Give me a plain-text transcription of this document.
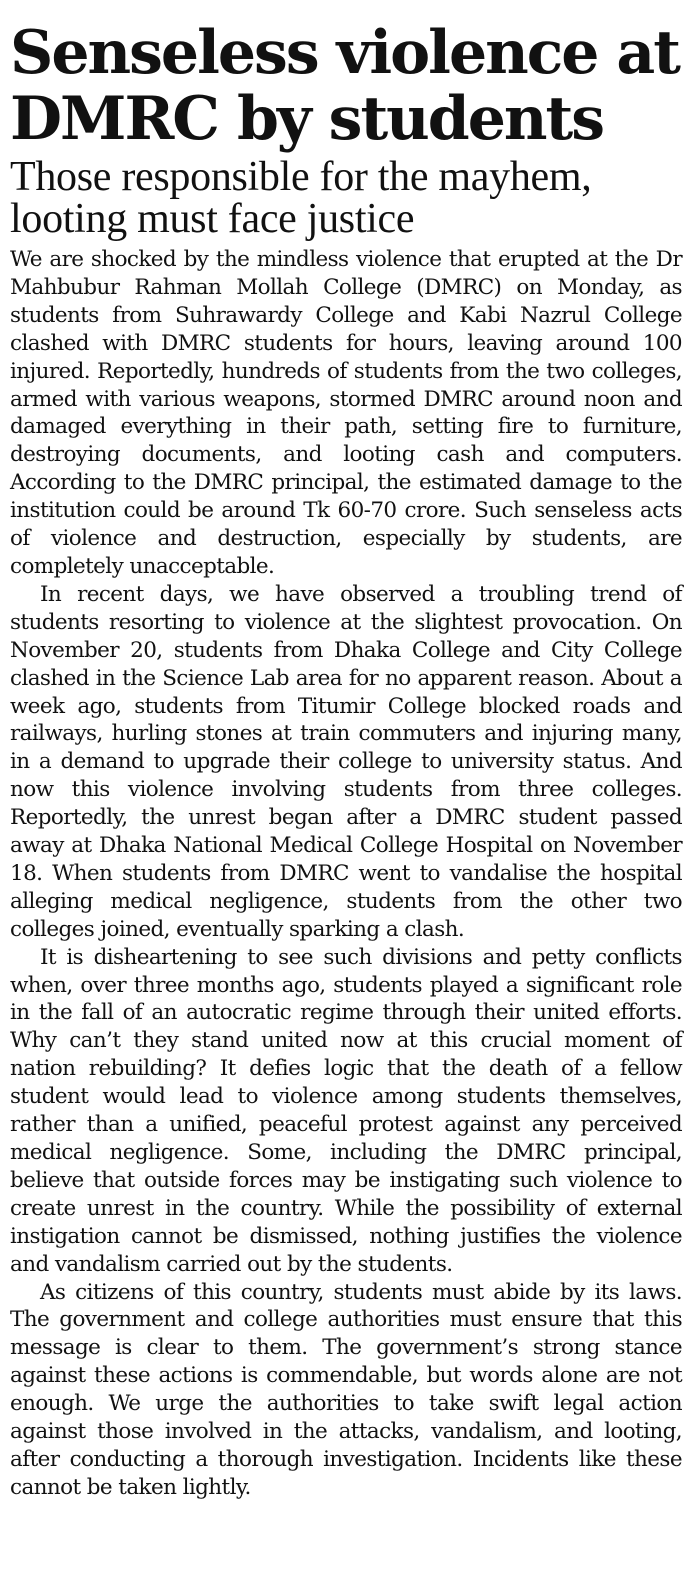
Senseless violence at DMRC by students
Those responsible for the mayhem, looting must face justice

We are shocked by the mindless violence that erupted at the Dr Mahbubur Rahman Mollah College (DMRC) on Monday, as students from Suhrawardy College and Kabi Nazrul College clashed with DMRC students for hours, leaving around 100 injured. Reportedly, hundreds of students from the two colleges, armed with various weapons, stormed DMRC around noon and damaged everything in their path, setting fire to furniture, destroying documents, and looting cash and computers. According to the DMRC principal, the estimated damage to the institution could be around Tk 60-70 crore. Such senseless acts of violence and destruction, especially by students, are completely unacceptable.

In recent days, we have observed a troubling trend of students resorting to violence at the slightest provocation. On November 20, students from Dhaka College and City College clashed in the Science Lab area for no apparent reason. About a week ago, students from Titumir College blocked roads and railways, hurling stones at train commuters and injuring many, in a demand to upgrade their college to university status. And now this violence involving students from three colleges. Reportedly, the unrest began after a DMRC student passed away at Dhaka National Medical College Hospital on November 18. When students from DMRC went to vandalise the hospital alleging medical negligence, students from the other two colleges joined, eventually sparking a clash.

It is disheartening to see such divisions and petty conflicts when, over three months ago, students played a significant role in the fall of an autocratic regime through their united efforts. Why can’t they stand united now at this crucial moment of nation rebuilding? It defies logic that the death of a fellow student would lead to violence among students themselves, rather than a unified, peaceful protest against any perceived medical negligence. Some, including the DMRC principal, believe that outside forces may be instigating such violence to create unrest in the country. While the possibility of external instigation cannot be dismissed, nothing justifies the violence and vandalism carried out by the students.

As citizens of this country, students must abide by its laws. The government and college authorities must ensure that this message is clear to them. The government’s strong stance against these actions is commendable, but words alone are not enough. We urge the authorities to take swift legal action against those involved in the attacks, vandalism, and looting, after conducting a thorough investigation. Incidents like these cannot be taken lightly.
